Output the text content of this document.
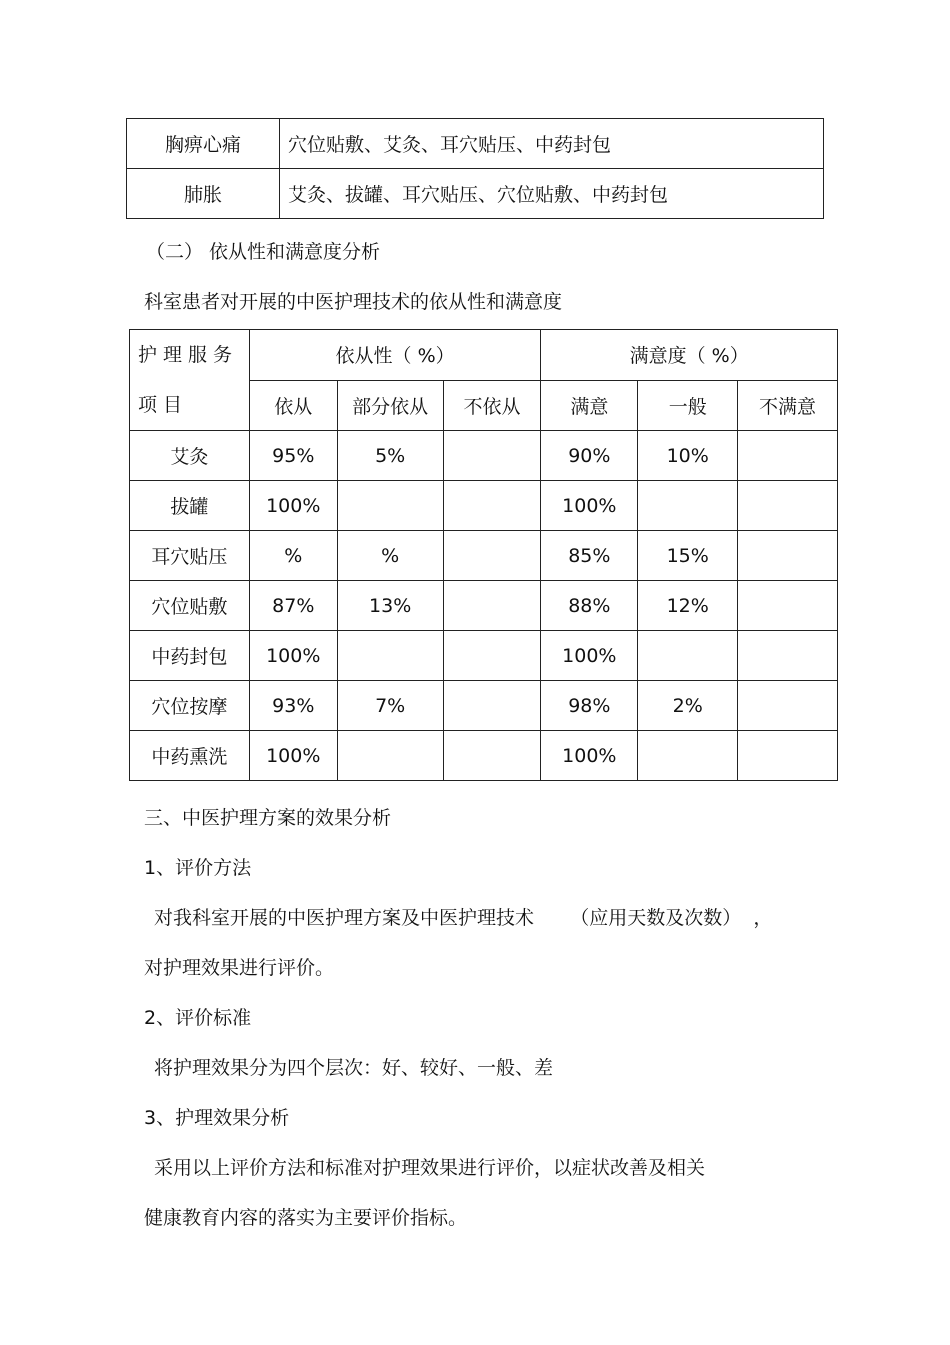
胸痹心痛	穴位贴敷、艾灸、耳穴贴压、中药封包
肺胀	艾灸、拔罐、耳穴贴压、穴位贴敷、中药封包
（二） 依从性和满意度分析
科室患者对开展的中医护理技术的依从性和满意度
护理服务
项目	依从性（ %）			满意度（ %）		
	依从	部分依从	不依从	满意	一般	不满意
艾灸	95%	5%		90%	10%	
拔罐	100%			100%		
耳穴贴压	%	%		85%	15%	
穴位贴敷	87%	13%		88%	12%	
中药封包	100%			100%		
穴位按摩	93%	7%		98%	2%	
中药熏洗	100%			100%		
三、中医护理方案的效果分析
1、评价方法
对我科室开展的中医护理方案及中医护理技术      （应用天数及次数）  ，
对护理效果进行评价。
2、评价标准
将护理效果分为四个层次：好、较好、一般、差
3、护理效果分析
采用以上评价方法和标准对护理效果进行评价，以症状改善及相关
健康教育内容的落实为主要评价指标。
